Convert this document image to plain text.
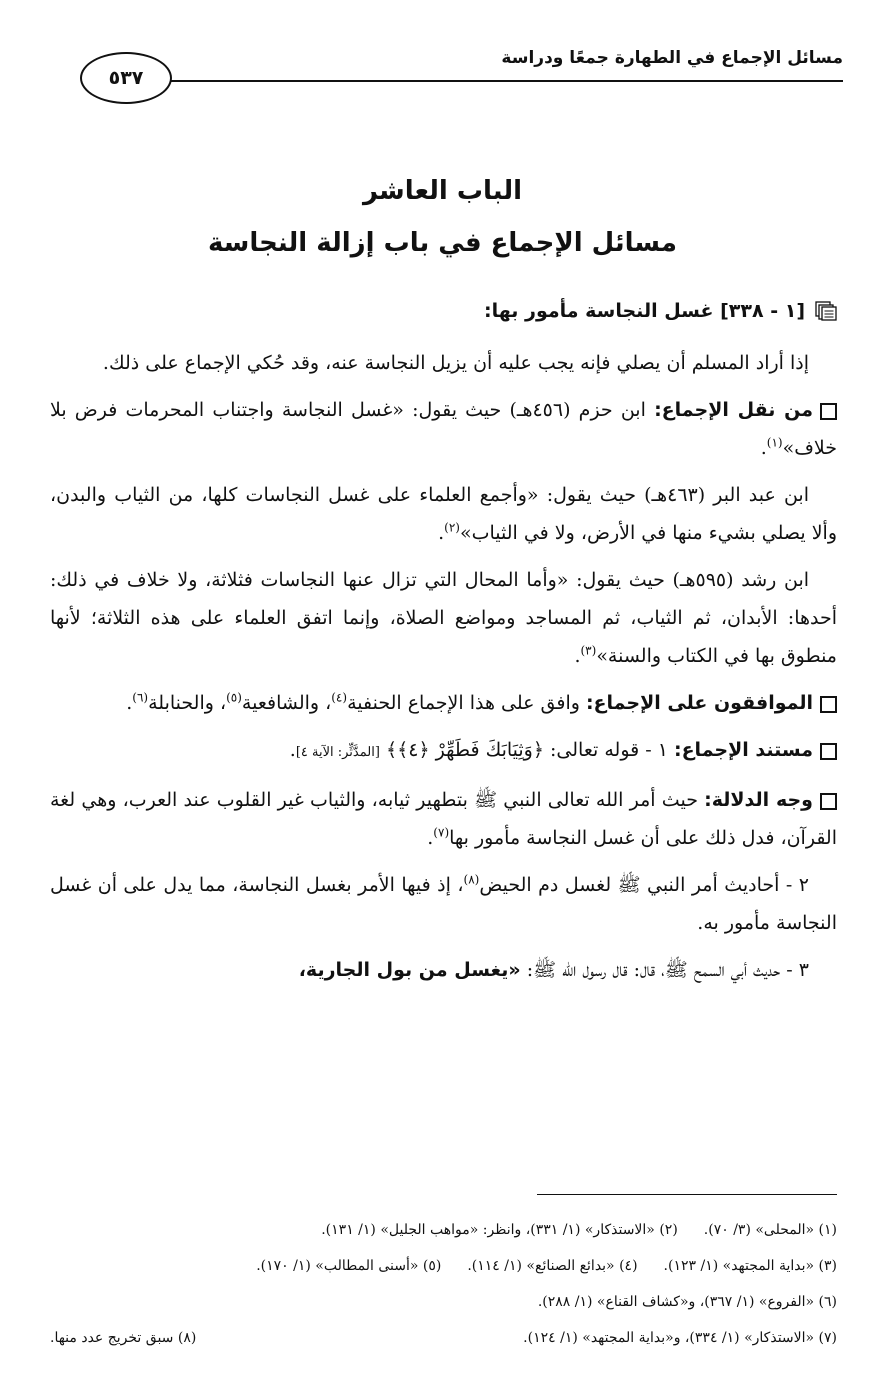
مسائل الإجماع في الطهارة جمعًا ودراسة
٥٣٧
الباب العاشر
مسائل الإجماع في باب إزالة النجاسة
[١ - ٣٣٨] غسل النجاسة مأمور بها:

إذا أراد المسلم أن يصلي فإنه يجب عليه أن يزيل النجاسة عنه، وقد حُكي الإجماع على ذلك.

من نقل الإجماع: ابن حزم (٤٥٦هـ) حيث يقول: «غسل النجاسة واجتناب المحرمات فرض بلا خلاف»$^{(١)}$.

ابن عبد البر (٤٦٣هـ) حيث يقول: «وأجمع العلماء على غسل النجاسات كلها، من الثياب والبدن، وألا يصلي بشيء منها في الأرض، ولا في الثياب»$^{(٢)}$.

ابن رشد (٥٩٥هـ) حيث يقول: «وأما المحال التي تزال عنها النجاسات فثلاثة، ولا خلاف في ذلك: أحدها: الأبدان، ثم الثياب، ثم المساجد ومواضع الصلاة، وإنما اتفق العلماء على هذه الثلاثة؛ لأنها منطوق بها في الكتاب والسنة»$^{(٣)}$.

الموافقون على الإجماع: وافق على هذا الإجماع الحنفية$^{(٤)}$، والشافعية$^{(٥)}$، والحنابلة$^{(٦)}$.

مستند الإجماع: ١ - قوله تعالى: ﴿وَثِيَابَكَ فَطَهِّرْ ﴿٤﴾﴾ [المدَّثِّر: الآية ٤].

وجه الدلالة: حيث أمر الله تعالى النبي ﷺ بتطهير ثيابه، والثياب غير القلوب عند العرب، وهي لغة القرآن، فدل ذلك على أن غسل النجاسة مأمور بها$^{(٧)}$.

٢ - أحاديث أمر النبي ﷺ لغسل دم الحيض$^{(٨)}$، إذ فيها الأمر بغسل النجاسة، مما يدل على أن غسل النجاسة مأمور به.

٣ - حديث أبي السمح ﷺ، قال: قال رسول الله ﷺ: «يغسل من بول الجارية،

(١) «المحلى» (٣/ ٧٠).
(٢) «الاستذكار» (١/ ٣٣١)، وانظر: «مواهب الجليل» (١/ ١٣١).
(٣) «بداية المجتهد» (١/ ١٢٣).
(٤) «بدائع الصنائع» (١/ ١١٤).
(٥) «أسنى المطالب» (١/ ١٧٠).
(٦) «الفروع» (١/ ٣٦٧)، و«كشاف القناع» (١/ ٢٨٨).
(٧) «الاستذكار» (١/ ٣٣٤)، و«بداية المجتهد» (١/ ١٢٤).
(٨) سبق تخريج عدد منها.
